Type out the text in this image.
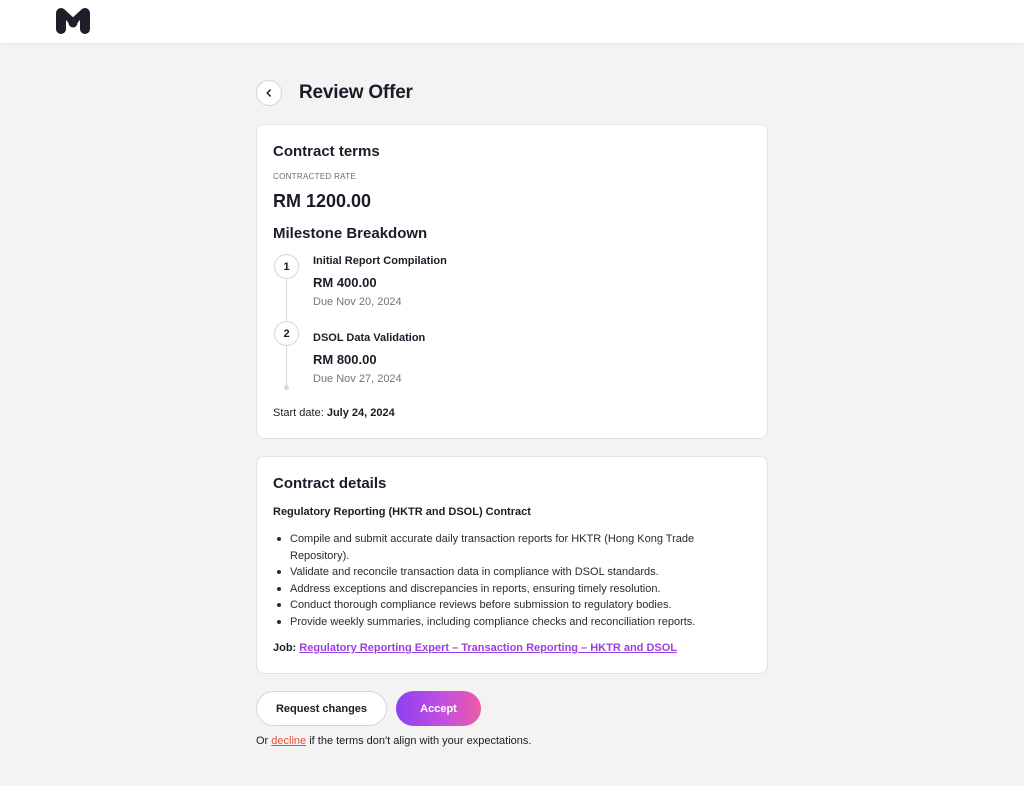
Review Offer
Contract terms
CONTRACTED RATE
RM 1200.00
Milestone Breakdown
1	Initial Report Compilation
RM 400.00
Due Nov 20, 2024
2	DSOL Data Validation
RM 800.00
Due Nov 27, 2024
Start date: July 24, 2024
Contract details
Regulatory Reporting (HKTR and DSOL) Contract
Compile and submit accurate daily transaction reports for HKTR (Hong Kong Trade Repository).
Validate and reconcile transaction data in compliance with DSOL standards.
Address exceptions and discrepancies in reports, ensuring timely resolution.
Conduct thorough compliance reviews before submission to regulatory bodies.
Provide weekly summaries, including compliance checks and reconciliation reports.
Job: Regulatory Reporting Expert – Transaction Reporting – HKTR and DSOL
Request changes	Accept
Or decline if the terms don't align with your expectations.
